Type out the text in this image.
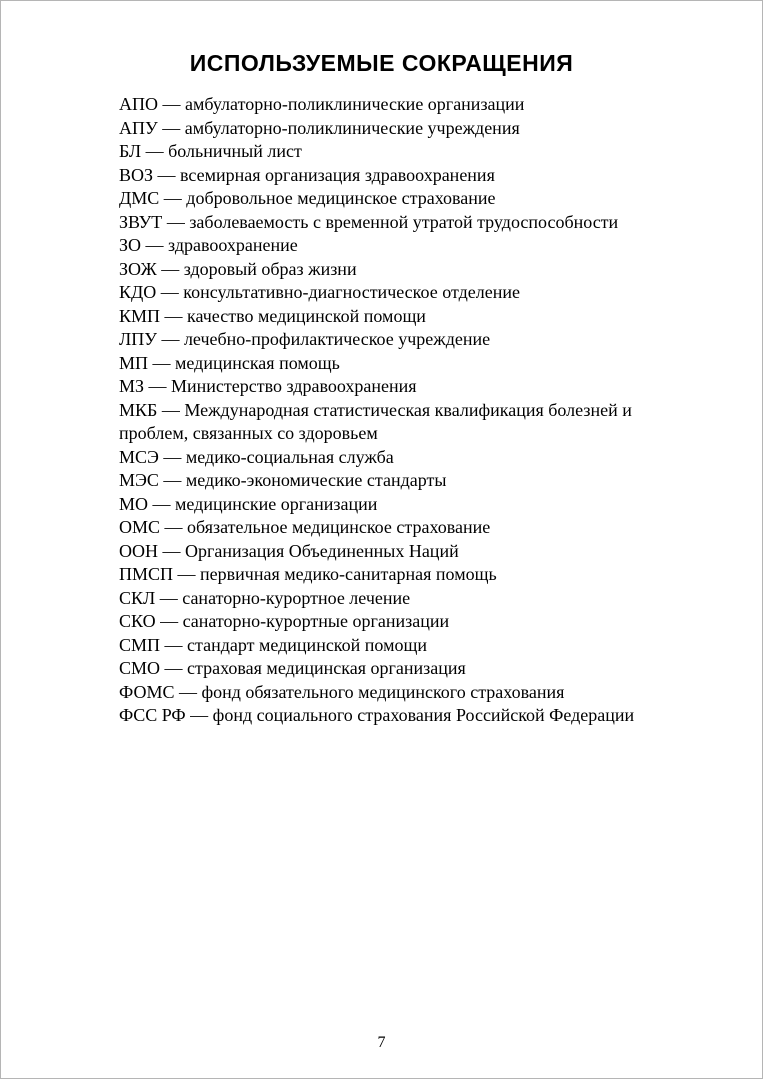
ИСПОЛЬЗУЕМЫЕ СОКРАЩЕНИЯ
АПО — амбулаторно-поликлинические организации
АПУ — амбулаторно-поликлинические учреждения
БЛ — больничный лист
ВОЗ — всемирная организация здравоохранения
ДМС — добровольное медицинское страхование
ЗВУТ — заболеваемость с временной утратой трудоспособности
ЗО — здравоохранение
ЗОЖ — здоровый образ жизни
КДО — консультативно-диагностическое отделение
КМП — качество медицинской помощи
ЛПУ — лечебно-профилактическое учреждение
МП — медицинская помощь
МЗ — Министерство здравоохранения
МКБ — Международная статистическая квалификация болезней и проблем, связанных со здоровьем
МСЭ — медико-социальная служба
МЭС — медико-экономические стандарты
МО — медицинские организации
ОМС — обязательное медицинское страхование
ООН — Организация Объединенных Наций
ПМСП — первичная медико-санитарная помощь
СКЛ — санаторно-курортное лечение
СКО — санаторно-курортные организации
СМП — стандарт медицинской помощи
СМО — страховая медицинская организация
ФОМС — фонд обязательного медицинского страхования
ФСС РФ — фонд социального страхования Российской Федерации
7
